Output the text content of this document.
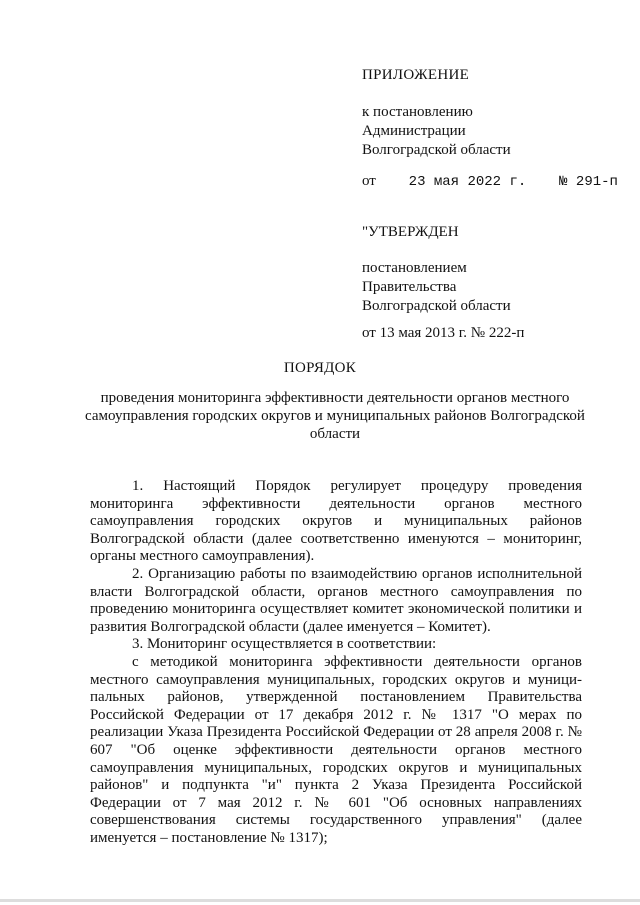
ПРИЛОЖЕНИЕ
к постановлению
Администрации
Волгоградской области
от 23 мая 2022 г. № 291-п
"УТВЕРЖДЕН
постановлением
Правительства
Волгоградской области
от 13 мая 2013 г. № 222-п
ПОРЯДОК
проведения мониторинга эффективности деятельности органов местного самоуправления городских округов и муниципальных районов Волгоградской области

1. Настоящий Порядок регулирует процедуру проведения мониторинга эффективности деятельности органов местного самоуправления городских округов и муниципальных районов Волгоградской области (далее соответственно именуются – мониторинг, органы местного самоуправления).

2. Организацию работы по взаимодействию органов исполнительной власти Волгоградской области, органов местного самоуправления по проведению мониторинга осуществляет комитет экономической политики и развития Волгоградской области (далее именуется – Комитет).

3. Мониторинг осуществляется в соответствии:

с методикой мониторинга эффективности деятельности органов местного самоуправления муниципальных, городских округов и муници-пальных районов, утвержденной постановлением Правительства Российской Федерации от 17 декабря 2012 г. № 1317 "О мерах по реализации Указа Президента Российской Федерации от 28 апреля 2008 г. № 607 "Об оценке эффективности деятельности органов местного самоуправления муниципальных, городских округов и муниципальных районов" и подпункта "и" пункта 2 Указа Президента Российской Федерации от 7 мая 2012 г. № 601 "Об основных направлениях совершенствования системы государственного управления" (далее именуется – постановление № 1317);
